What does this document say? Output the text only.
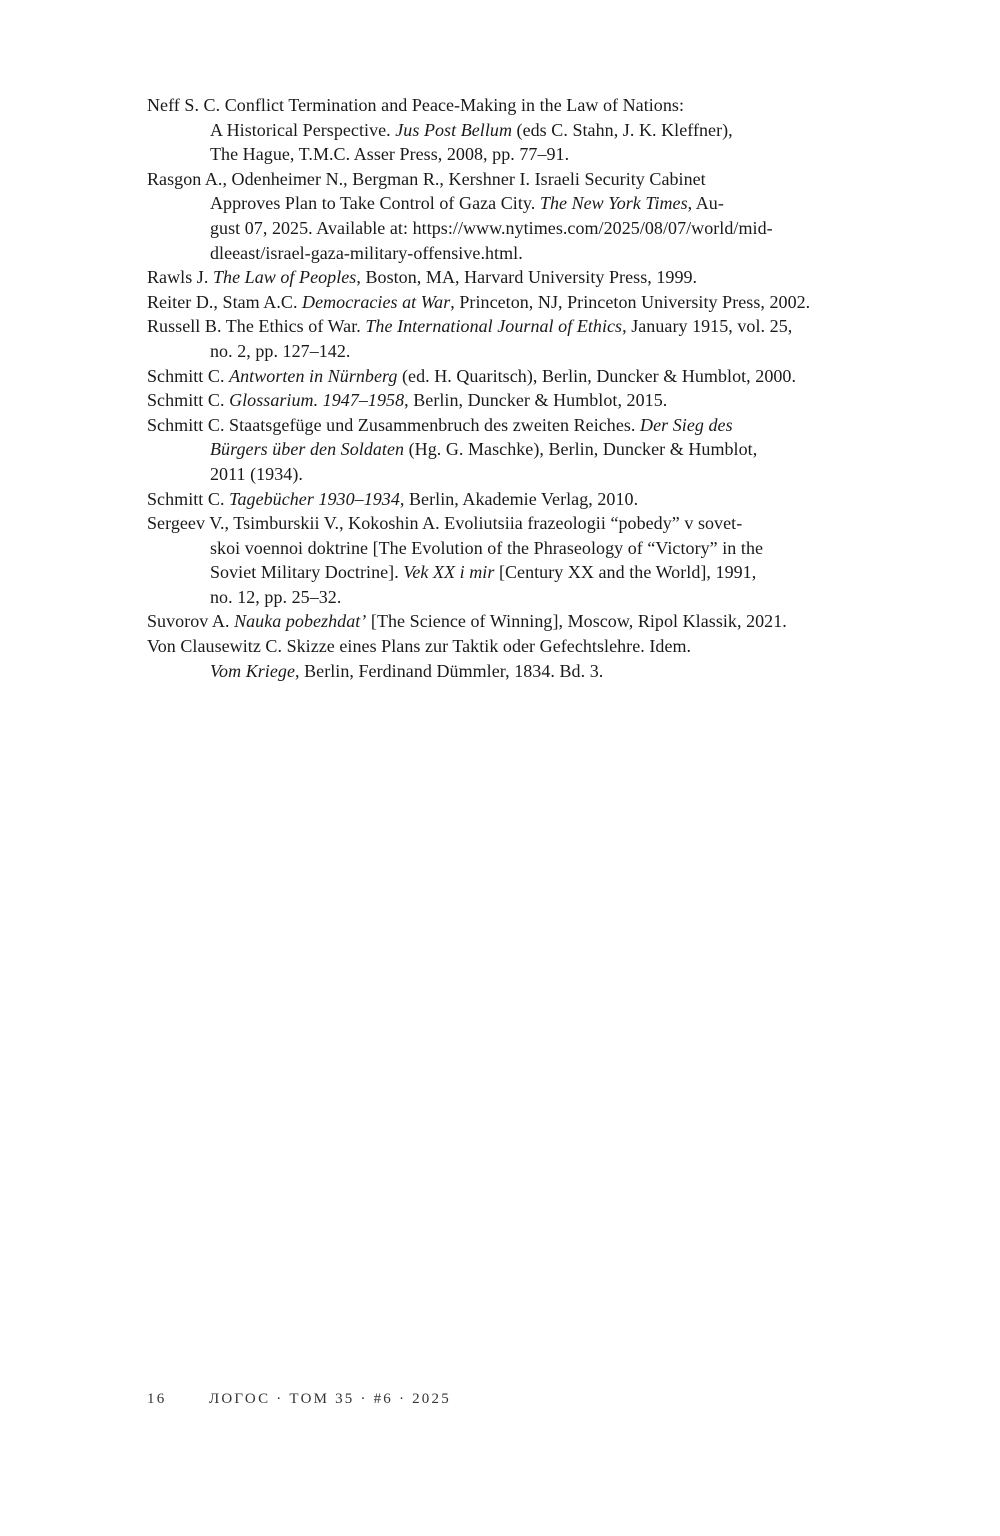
Neff S. C. Conflict Termination and Peace-Making in the Law of Nations:
A Historical Perspective. Jus Post Bellum (eds C. Stahn, J. K. Kleffner),
The Hague, T.M.C. Asser Press, 2008, pp. 77–91.

Rasgon A., Odenheimer N., Bergman R., Kershner I. Israeli Security Cabinet
Approves Plan to Take Control of Gaza City. The New York Times, Au-
gust 07, 2025. Available at: https://www.nytimes.com/2025/08/07/world/mid-
dleeast/israel-gaza-military-offensive.html.

Rawls J. The Law of Peoples, Boston, MA, Harvard University Press, 1999.

Reiter D., Stam A.C. Democracies at War, Princeton, NJ, Princeton University Press, 2002.

Russell B. The Ethics of War. The International Journal of Ethics, January 1915, vol. 25,
no. 2, pp. 127–142.

Schmitt C. Antworten in Nürnberg (ed. H. Quaritsch), Berlin, Duncker & Humblot, 2000.

Schmitt C. Glossarium. 1947–1958, Berlin, Duncker & Humblot, 2015.

Schmitt C. Staatsgefüge und Zusammenbruch des zweiten Reiches. Der Sieg des
Bürgers über den Soldaten (Hg. G. Maschke), Berlin, Duncker & Humblot,
2011 (1934).

Schmitt C. Tagebücher 1930–1934, Berlin, Akademie Verlag, 2010.

Sergeev V., Tsimburskii V., Kokoshin A. Evoliutsiia frazeologii “pobedy” v sovet-
skoi voennoi doktrine [The Evolution of the Phraseology of “Victory” in the
Soviet Military Doctrine]. Vek XX i mir [Century XX and the World], 1991,
no. 12, pp. 25–32.

Suvorov A. Nauka pobezhdat’ [The Science of Winning], Moscow, Ripol Klassik, 2021.

Von Clausewitz C. Skizze eines Plans zur Taktik oder Gefechtslehre. Idem.
Vom Kriege, Berlin, Ferdinand Dümmler, 1834. Bd. 3.

16	ЛОГОС · ТОМ 35 · #6 · 2025
